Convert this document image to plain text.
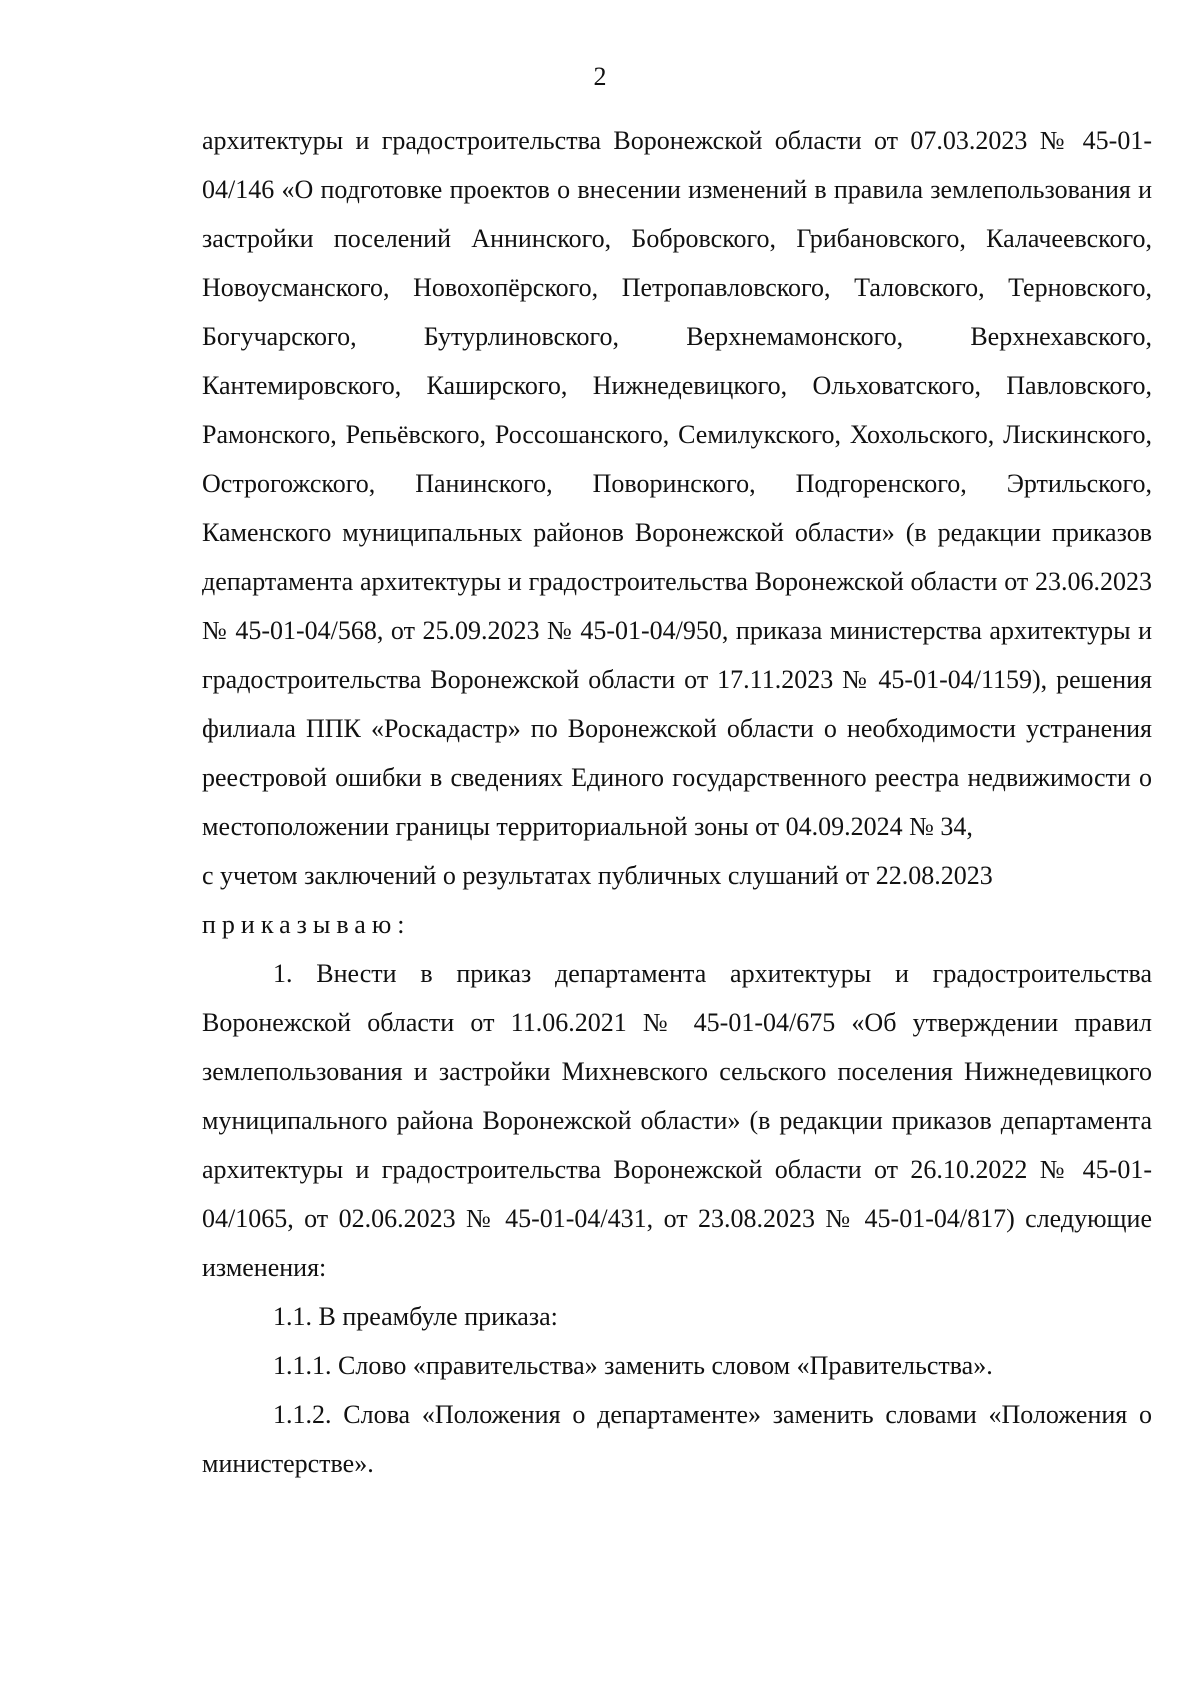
2

архитектуры и градостроительства Воронежской области от 07.03.2023 № 45-01-04/146 «О подготовке проектов о внесении изменений в правила землепользования и застройки поселений Аннинского, Бобровского, Грибановского, Калачеевского, Новоусманского, Новохопёрского, Петропавловского, Таловского, Терновского, Богучарского, Бутурлиновского, Верхнемамонского, Верхнехавского, Кантемировского, Каширского, Нижнедевицкого, Ольховатского, Павловского, Рамонского, Репьёвского, Россошанского, Семилукского, Хохольского, Лискинского, Острогожского, Панинского, Поворинского, Подгоренского, Эртильского, Каменского муниципальных районов Воронежской области» (в редакции приказов департамента архитектуры и градостроительства Воронежской области от 23.06.2023 № 45-01-04/568, от 25.09.2023 № 45-01-04/950, приказа министерства архитектуры и градостроительства Воронежской области от 17.11.2023 № 45-01-04/1159), решения филиала ППК «Роскадастр» по Воронежской области о необходимости устранения реестровой ошибки в сведениях Единого государственного реестра недвижимости о местоположении границы территориальной зоны от 04.09.2024 № 34,

с учетом заключений о результатах публичных слушаний от 22.08.2023

приказываю:

1. Внести в приказ департамента архитектуры и градостроительства Воронежской области от 11.06.2021 № 45-01-04/675 «Об утверждении правил землепользования и застройки Михневского сельского поселения Нижнедевицкого муниципального района Воронежской области» (в редакции приказов департамента архитектуры и градостроительства Воронежской области от 26.10.2022 № 45-01-04/1065, от 02.06.2023 № 45-01-04/431, от 23.08.2023 № 45-01-04/817) следующие изменения:

1.1. В преамбуле приказа:

1.1.1. Слово «правительства» заменить словом «Правительства».

1.1.2. Слова «Положения о департаменте» заменить словами «Положения о министерстве».
